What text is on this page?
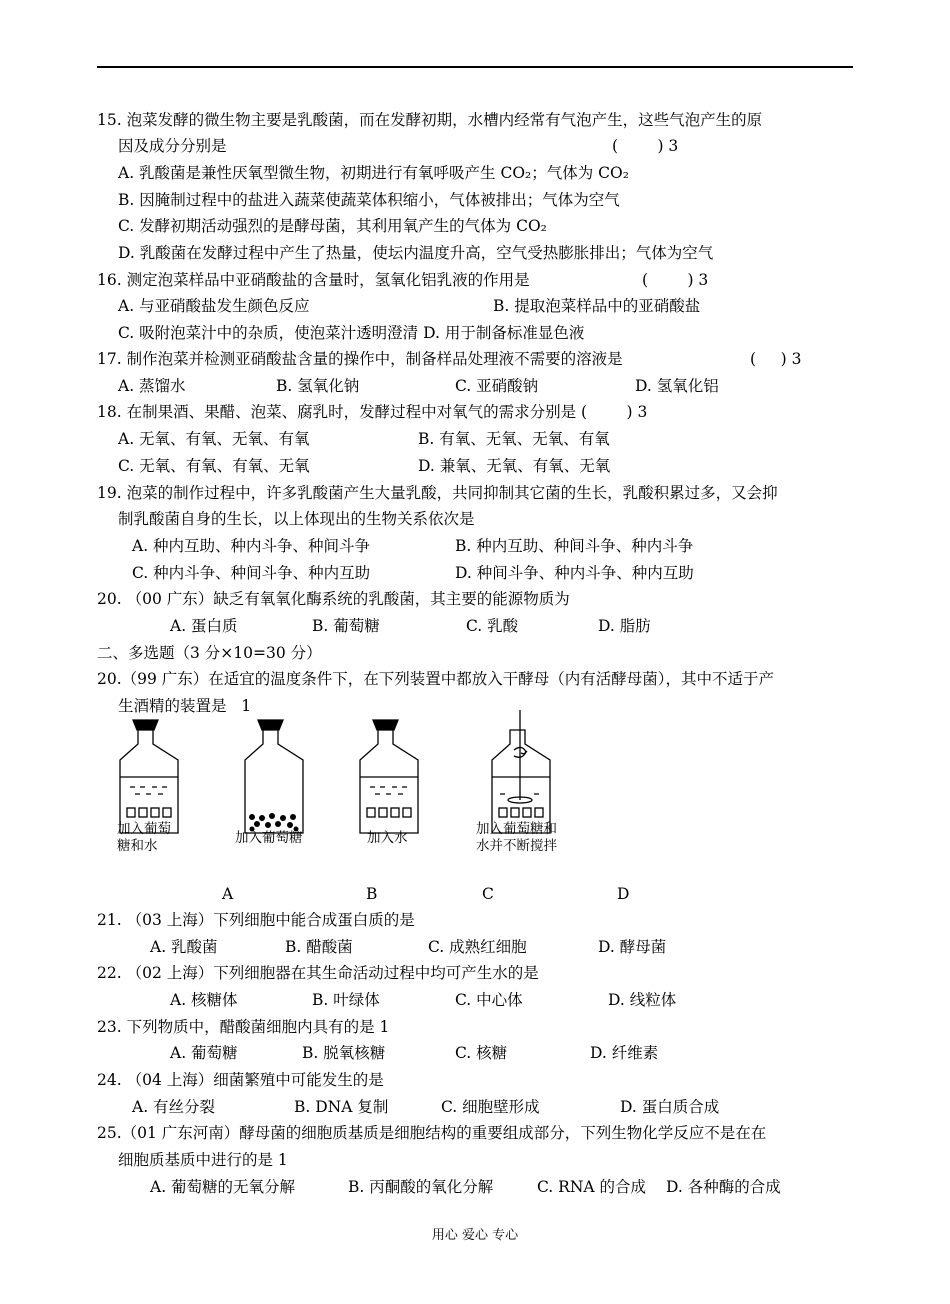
15. 泡菜发酵的微生物主要是乳酸菌，而在发酵初期，水槽内经常有气泡产生，这些气泡产生的原
因及成分分别是	(        ) 3
A. 乳酸菌是兼性厌氧型微生物，初期进行有氧呼吸产生 CO₂；气体为 CO₂
B. 因腌制过程中的盐进入蔬菜使蔬菜体积缩小，气体被排出；气体为空气
C. 发酵初期活动强烈的是酵母菌，其利用氧产生的气体为 CO₂
D. 乳酸菌在发酵过程中产生了热量，使坛内温度升高，空气受热膨胀排出；气体为空气
16. 测定泡菜样品中亚硝酸盐的含量时，氢氧化铝乳液的作用是	(        ) 3
A. 与亚硝酸盐发生颜色反应	B. 提取泡菜样品中的亚硝酸盐
C. 吸附泡菜汁中的杂质，使泡菜汁透明澄清 D. 用于制备标准显色液
17. 制作泡菜并检测亚硝酸盐含量的操作中，制备样品处理液不需要的溶液是	(     ) 3
A. 蒸馏水	B. 氢氧化钠	C. 亚硝酸钠	D. 氢氧化铝
18. 在制果酒、果醋、泡菜、腐乳时，发酵过程中对氧气的需求分别是 (        ) 3
A. 无氧、有氧、无氧、有氧	B. 有氧、无氧、无氧、有氧
C. 无氧、有氧、有氧、无氧	D. 兼氧、无氧、有氧、无氧
19. 泡菜的制作过程中，许多乳酸菌产生大量乳酸，共同抑制其它菌的生长，乳酸积累过多，又会抑
制乳酸菌自身的生长，以上体现出的生物关系依次是
A. 种内互助、种内斗争、种间斗争	B. 种内互助、种间斗争、种内斗争
C. 种内斗争、种间斗争、种内互助	D. 种间斗争、种内斗争、种内互助
20. （00 广东）缺乏有氧氧化酶系统的乳酸菌，其主要的能源物质为
A. 蛋白质	B. 葡萄糖	C. 乳酸	D. 脂肪
二、多选题（3 分×10=30 分）
20.（99 广东）在适宜的温度条件下，在下列装置中都放入干酵母（内有活酵母菌），其中不适于产
生酒精的装置是   1
加入葡萄
糖和水	加入葡萄糖	加入水
加入葡萄糖和
水并不断搅拌
A	B	C	D
21. （03 上海）下列细胞中能合成蛋白质的是
A. 乳酸菌	B. 醋酸菌	C. 成熟红细胞	D. 酵母菌
22. （02 上海）下列细胞器在其生命活动过程中均可产生水的是
A. 核糖体	B. 叶绿体	C. 中心体	D. 线粒体
23. 下列物质中，醋酸菌细胞内具有的是 1
A. 葡萄糖	B. 脱氧核糖	C. 核糖	D. 纤维素
24. （04 上海）细菌繁殖中可能发生的是
A. 有丝分裂	B. DNA 复制	C. 细胞壁形成	D. 蛋白质合成
25.（01 广东河南）酵母菌的细胞质基质是细胞结构的重要组成部分，下列生物化学反应不是在在
细胞质基质中进行的是 1
A. 葡萄糖的无氧分解	B. 丙酮酸的氧化分解	C. RNA 的合成 D. 各种酶的合成
用心 爱心 专心
